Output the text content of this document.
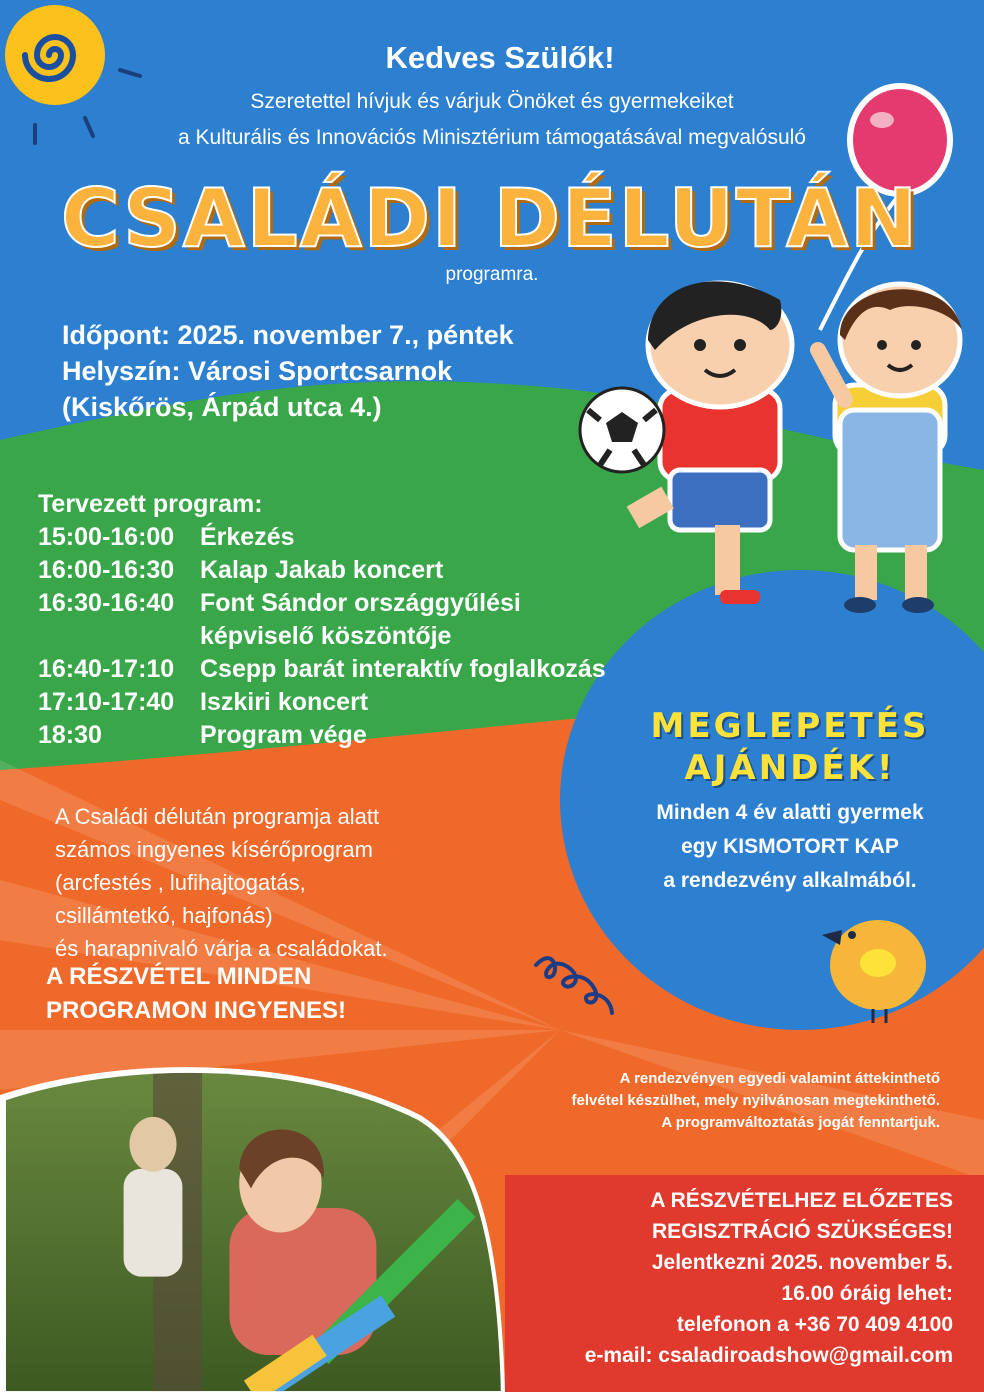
Kedves Szülők!
Szeretettel hívjuk és várjuk Önöket és gyermekeiket
a Kulturális és Innovációs Minisztérium támogatásával megvalósuló
CSALÁDI DÉLUTÁN
programra.
Időpont: 2025. november 7., péntek
Helyszín: Városi Sportcsarnok
(Kiskőrös, Árpád utca 4.)
Tervezett program:
15:00-16:00	Érkezés
16:00-16:30	Kalap Jakab koncert
16:30-16:40	Font Sándor országgyűlési
képviselő köszöntője
16:40-17:10	Csepp barát interaktív foglalkozás
17:10-17:40	Iszkiri koncert
18:30	Program vége
A Családi délután programja alatt
számos ingyenes kísérőprogram
(arcfestés , lufihajtogatás,
csillámtetkó, hajfonás)
és harapnivaló várja a családokat.
A RÉSZVÉTEL MINDEN
PROGRAMON INGYENES!
MEGLEPETÉS
AJÁNDÉK!
Minden 4 év alatti gyermek
egy KISMOTORT KAP
a rendezvény alkalmából.
A rendezvényen egyedi valamint áttekinthető
felvétel készülhet, mely nyilvánosan megtekinthető.
A programváltoztatás jogát fenntartjuk.
A RÉSZVÉTELHEZ ELŐZETES
REGISZTRÁCIÓ SZÜKSÉGES!
Jelentkezni 2025. november 5.
16.00 óráig lehet:
telefonon a +36 70 409 4100
e-mail: csaladiroadshow@gmail.com
